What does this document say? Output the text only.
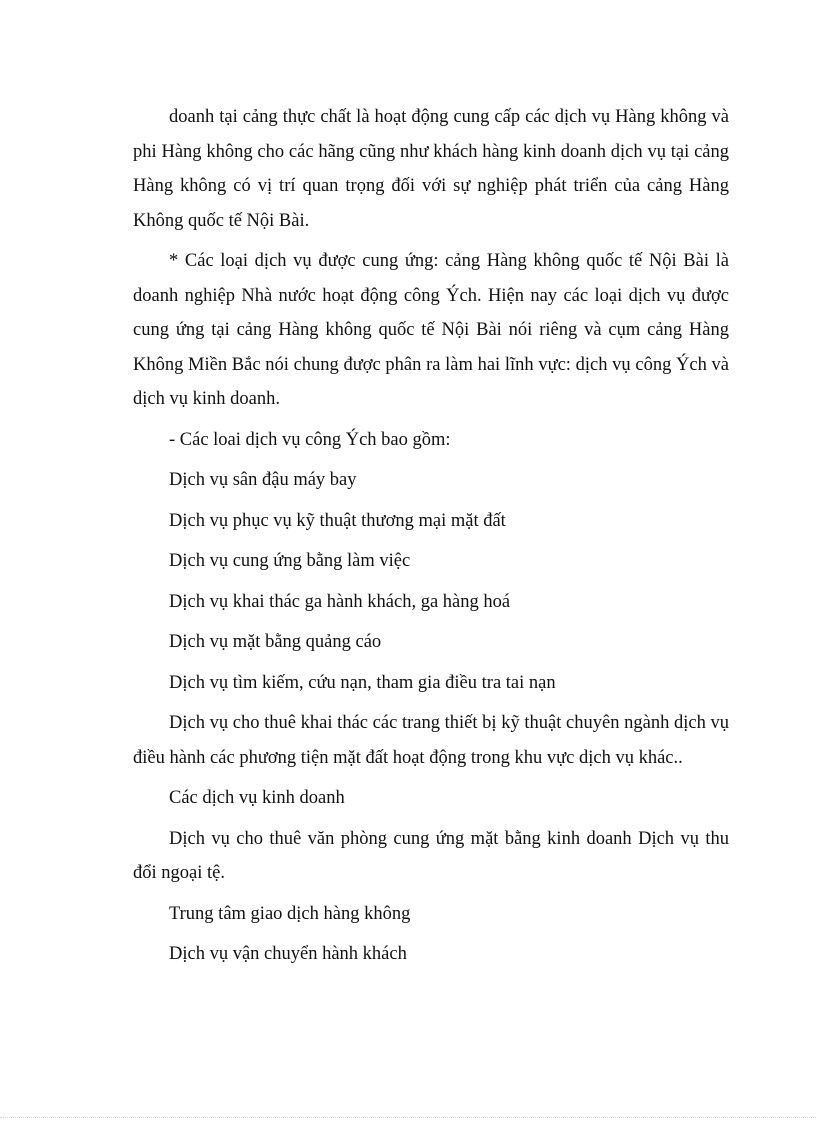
doanh tại cảng thực chất là hoạt động cung cấp các dịch vụ Hàng không và phi Hàng không cho các hãng cũng như khách hàng kinh doanh dịch vụ tại cảng Hàng không có vị trí quan trọng đối với sự nghiệp phát triển của cảng Hàng Không quốc tế Nội Bài.

* Các loại dịch vụ được cung ứng: cảng Hàng không quốc tế Nội Bài là doanh nghiệp Nhà nước hoạt động công Ých. Hiện nay các loại dịch vụ được cung ứng tại cảng Hàng không quốc tế Nội Bài nói riêng và cụm cảng Hàng Không Miền Bắc nói chung được phân ra làm hai lĩnh vực: dịch vụ công Ých và dịch vụ kinh doanh.

- Các loai dịch vụ công Ých bao gồm:

Dịch vụ sân đậu máy bay

Dịch vụ phục vụ kỹ thuật thương mại mặt đất

Dịch vụ cung ứng bằng làm việc

Dịch vụ khai thác ga hành khách, ga hàng hoá

Dịch vụ mặt bằng quảng cáo

Dịch vụ tìm kiếm, cứu nạn, tham gia điều tra tai nạn

Dịch vụ cho thuê khai thác các trang thiết bị kỹ thuật chuyên ngành dịch vụ điều hành các phương tiện mặt đất hoạt động trong khu vực dịch vụ khác..

Các dịch vụ kinh doanh

Dịch vụ cho thuê văn phòng cung ứng mặt bằng kinh doanh Dịch vụ thu đổi ngoại tệ.

Trung tâm giao dịch hàng không

Dịch vụ vận chuyển hành khách
